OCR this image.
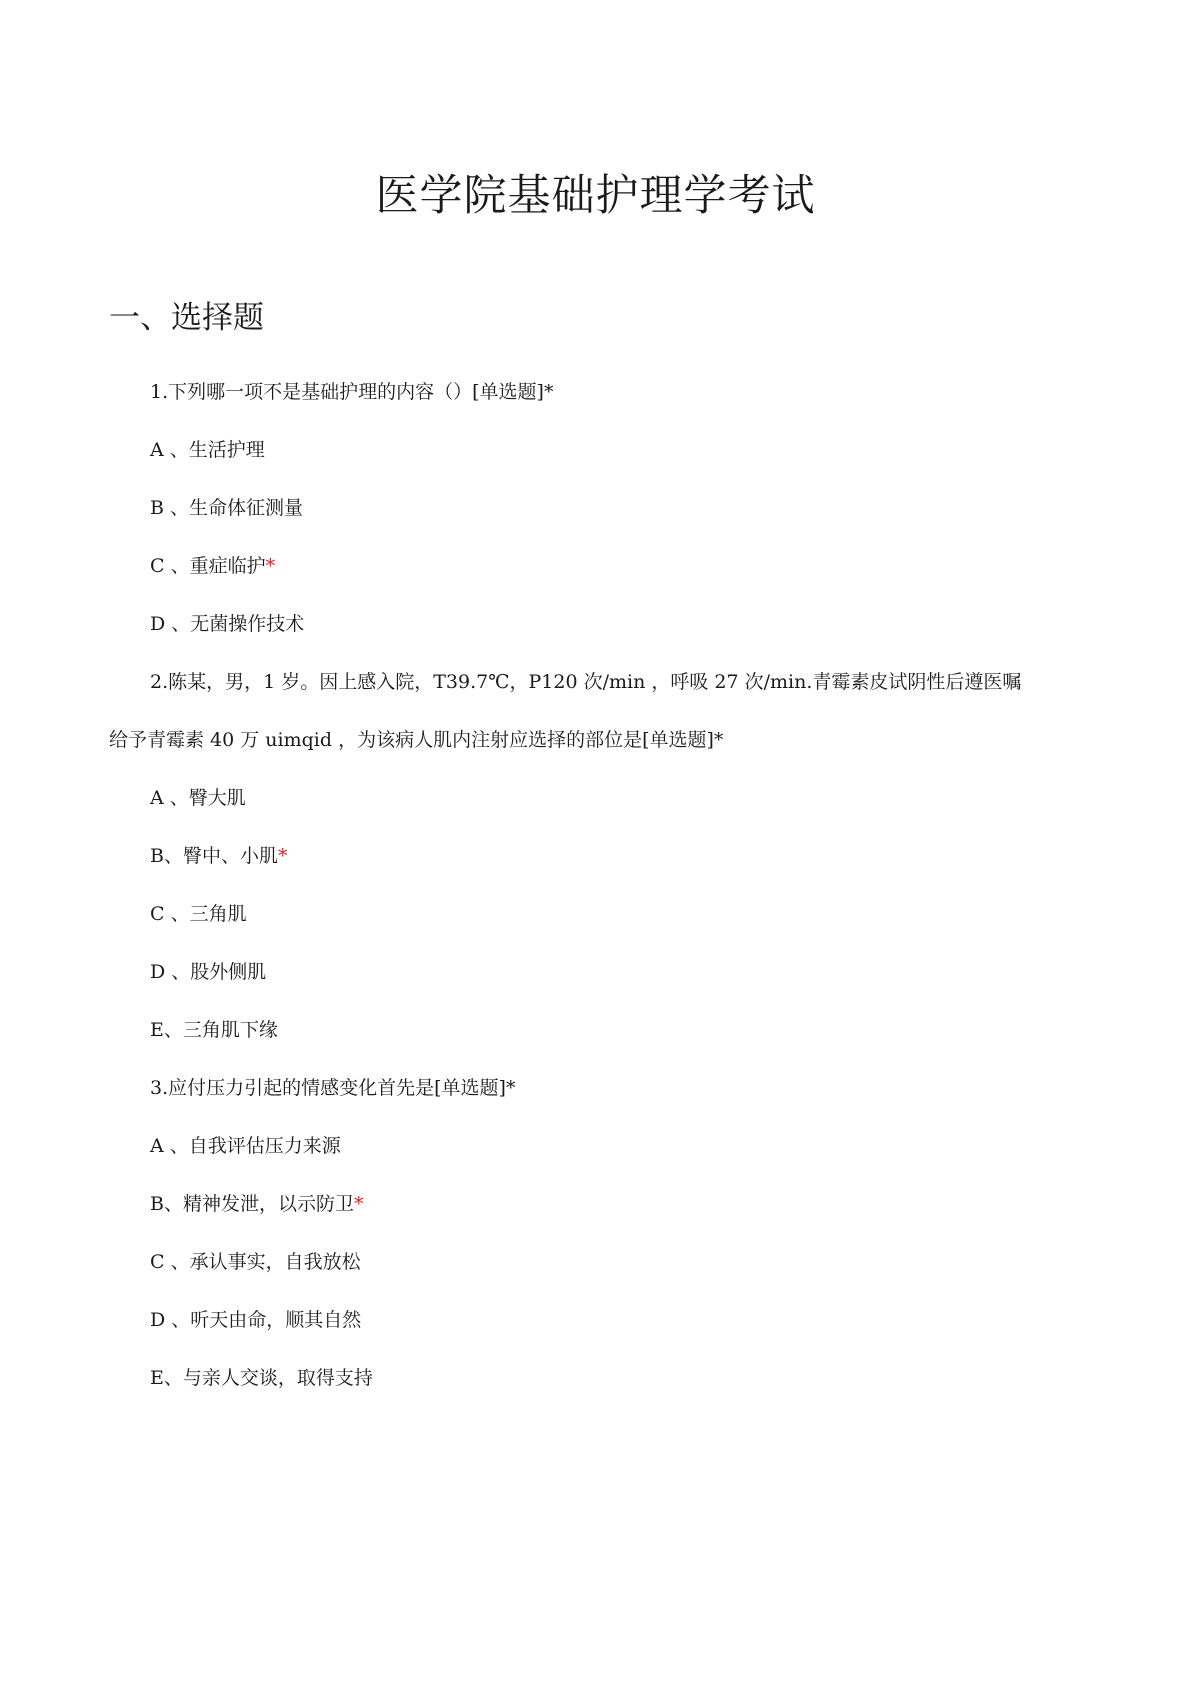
医学院基础护理学考试
一、选择题
1.下列哪一项不是基础护理的内容（）[单选题]*
A 、生活护理
B 、生命体征测量
C 、重症临护*
D 、无菌操作技术
2.陈某，男，1 岁。因上感入院，T39.7℃，P120 次/min ，呼吸 27 次/min.青霉素皮试阴性后遵医嘱
给予青霉素 40 万 uimqid ，为该病人肌内注射应选择的部位是[单选题]*
A 、臀大肌
B、臀中、小肌*
C 、三角肌
D 、股外侧肌
E、三角肌下缘
3.应付压力引起的情感变化首先是[单选题]*
A 、自我评估压力来源
B、精神发泄，以示防卫*
C 、承认事实，自我放松
D 、听天由命，顺其自然
E、与亲人交谈，取得支持
